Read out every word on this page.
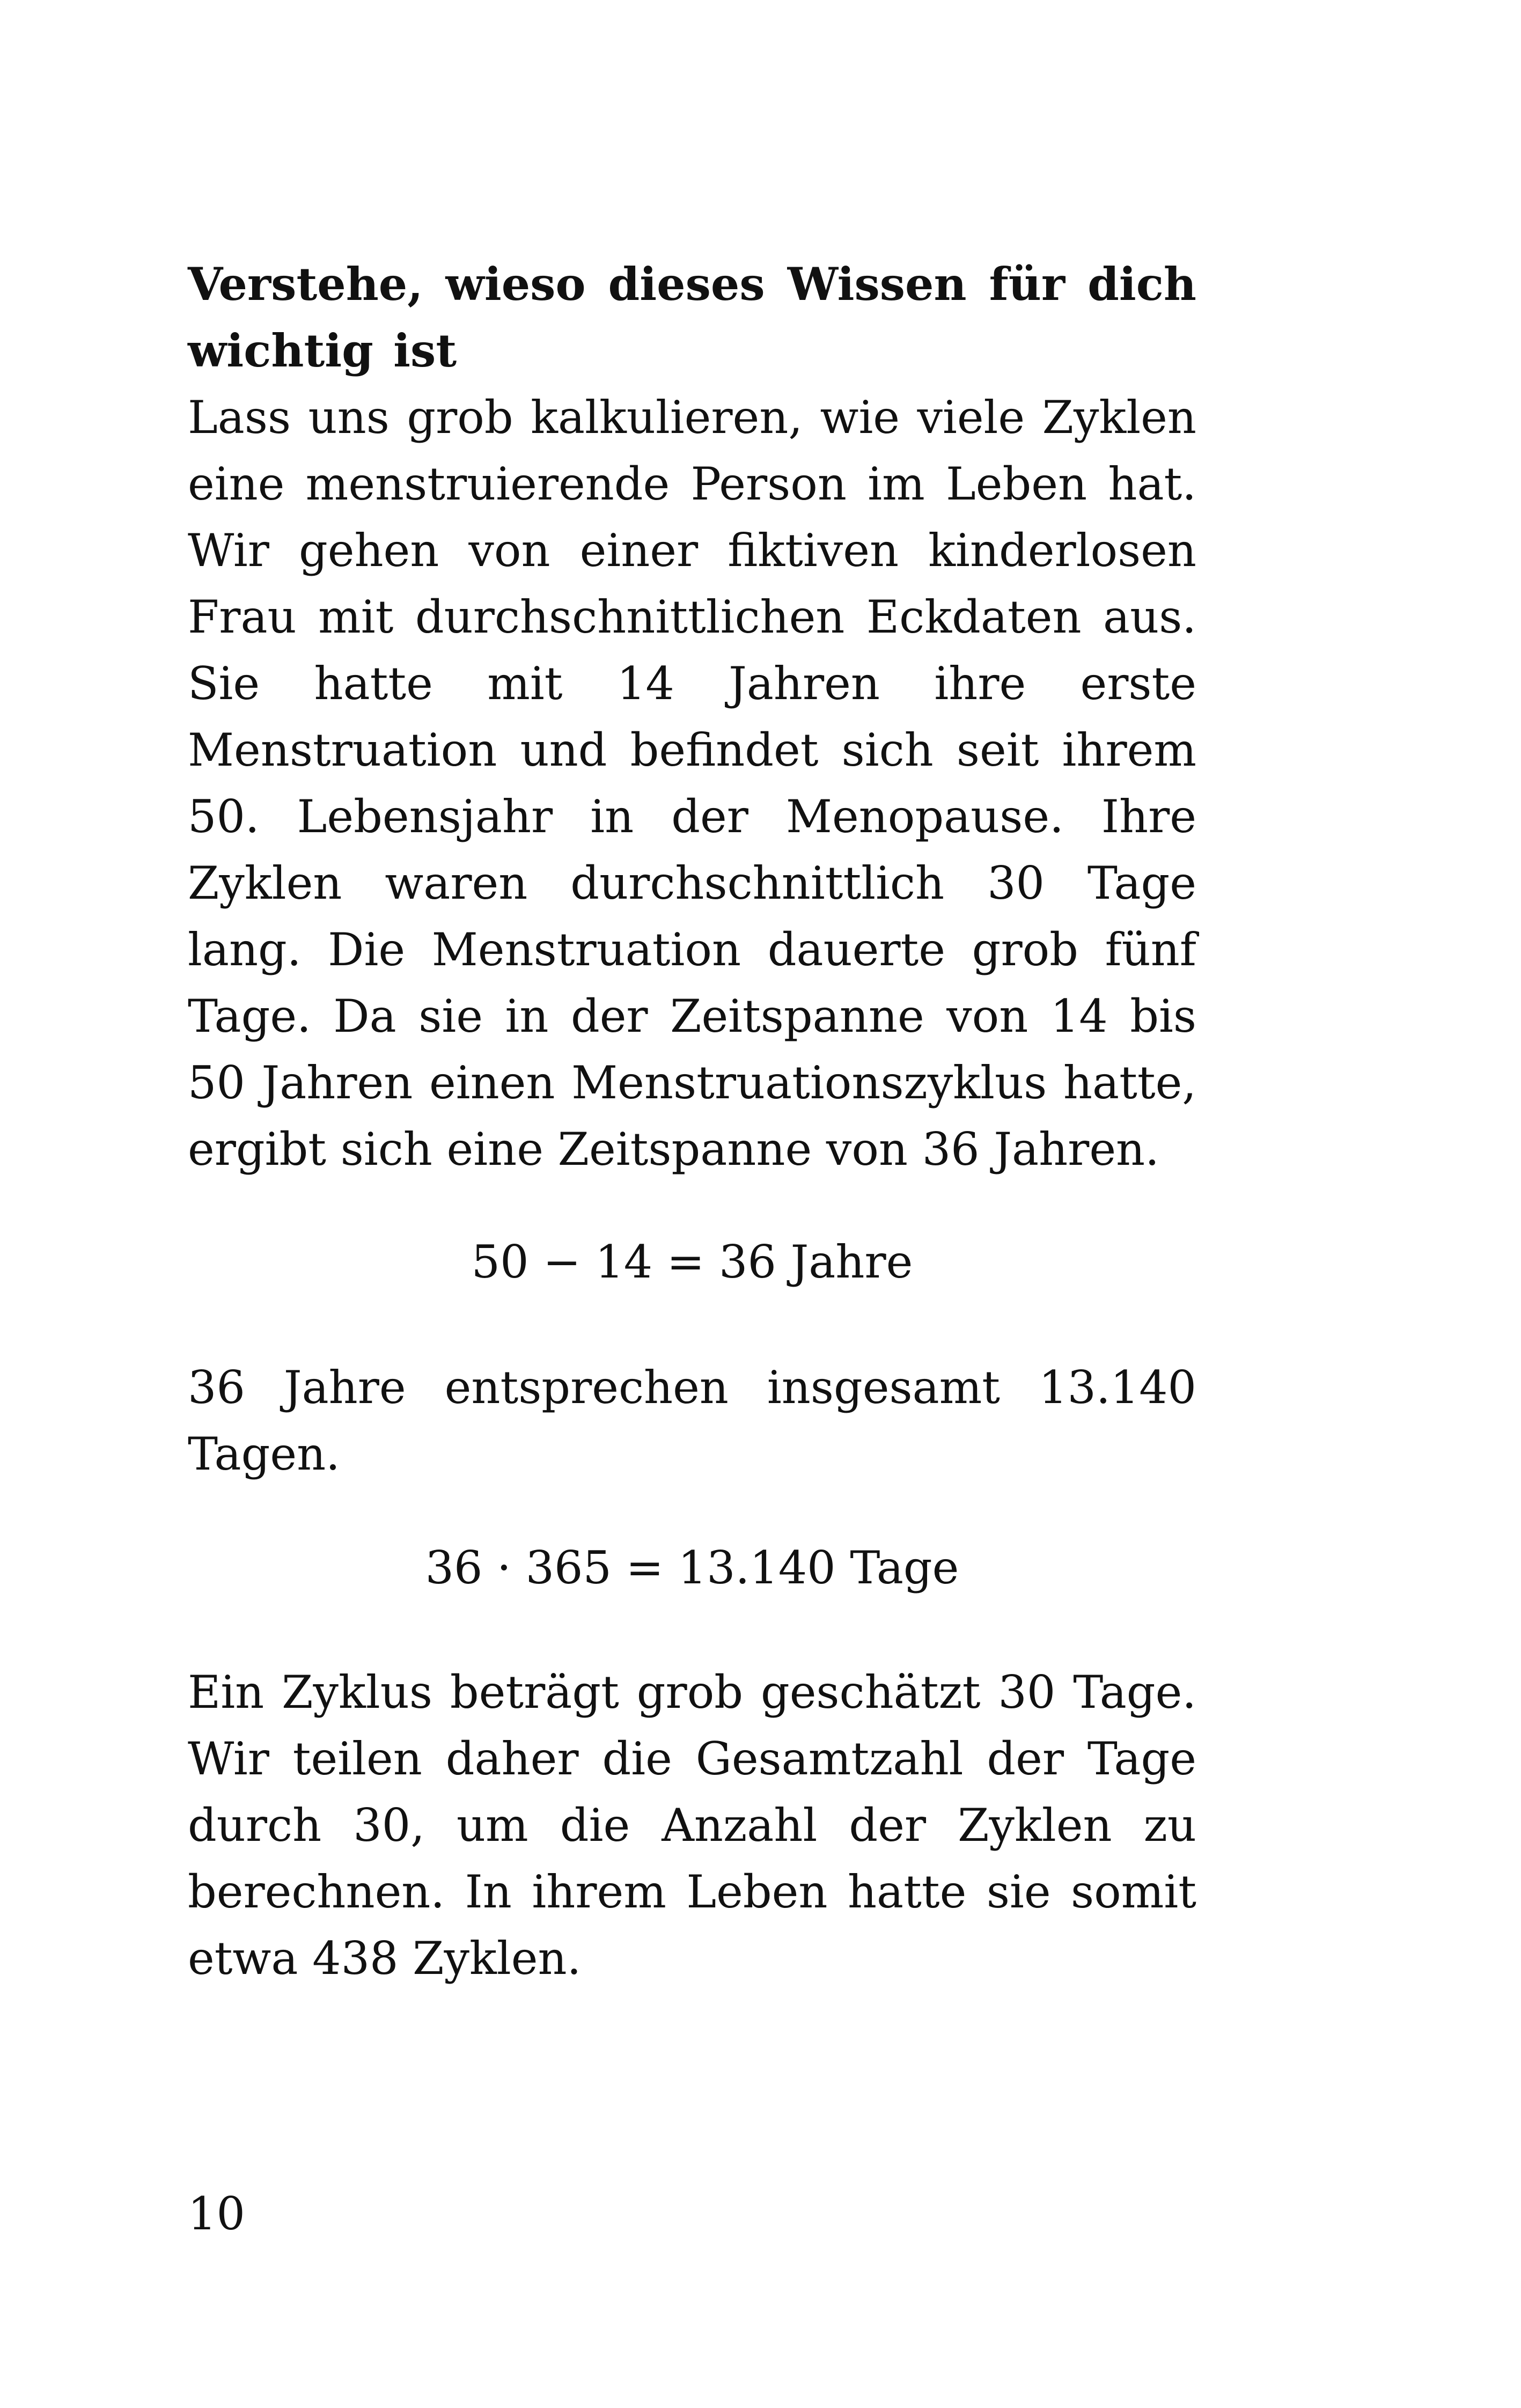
Verstehe, wieso dieses Wissen für dich wichtig ist
Lass uns grob kalkulieren, wie viele Zyklen eine menstruierende Person im Leben hat. Wir gehen von einer fiktiven kinderlosen Frau mit durchschnittlichen Eckdaten aus. Sie hatte mit 14 Jahren ihre erste Menstruation und befindet sich seit ihrem 50. Lebensjahr in der Menopause. Ihre Zyklen waren durchschnittlich 30 Tage lang. Die Menstruation dauerte grob fünf Tage. Da sie in der Zeitspanne von 14 bis 50 Jahren einen Menstruationszyklus hatte, ergibt sich eine Zeitspanne von 36 Jahren.
50 − 14 = 36 Jahre
36 Jahre entsprechen insgesamt 13.140 Tagen.
36 · 365 = 13.140 Tage
Ein Zyklus beträgt grob geschätzt 30 Tage. Wir teilen daher die Gesamtzahl der Tage durch 30, um die Anzahl der Zyklen zu berechnen. In ihrem Leben hatte sie somit etwa 438 Zyklen.
10
